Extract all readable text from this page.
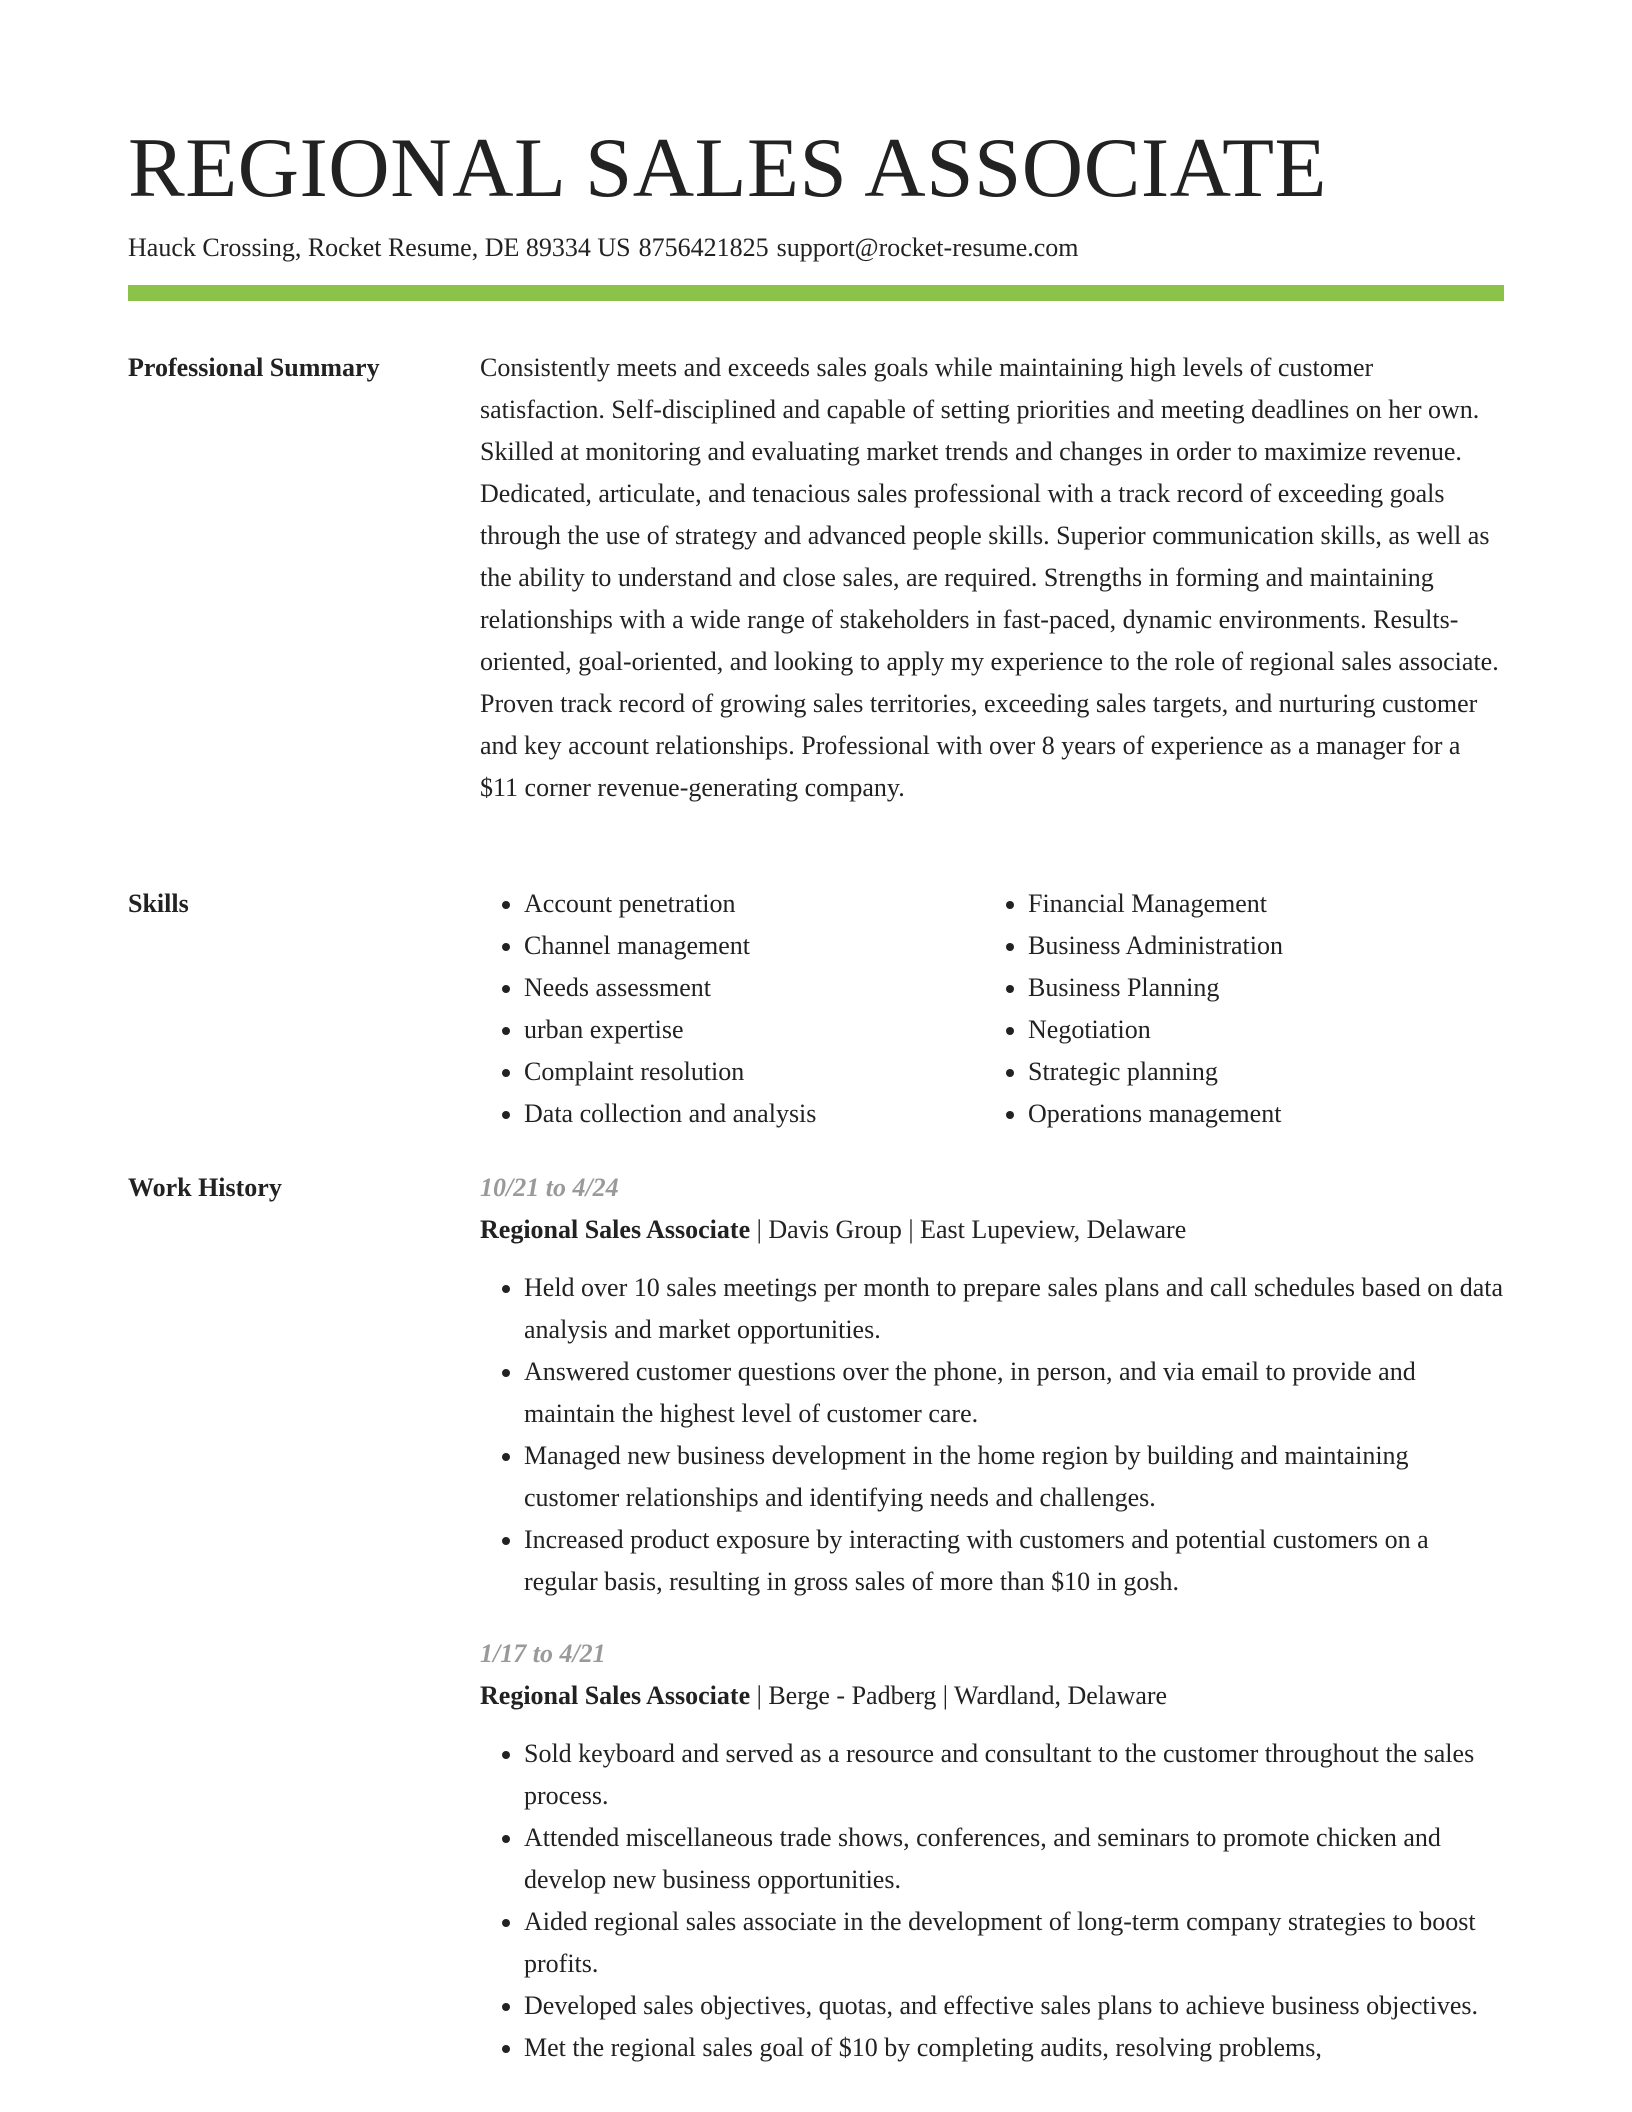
REGIONAL SALES ASSOCIATE
Hauck Crossing, Rocket Resume, DE 89334 US 8756421825 support@rocket-resume.com
Professional Summary	Consistently meets and exceeds sales goals while maintaining high levels of customer satisfaction. Self-disciplined and capable of setting priorities and meeting deadlines on her own. Skilled at monitoring and evaluating market trends and changes in order to maximize revenue. Dedicated, articulate, and tenacious sales professional with a track record of exceeding goals through the use of strategy and advanced people skills. Superior communication skills, as well as the ability to understand and close sales, are required. Strengths in forming and maintaining relationships with a wide range of stakeholders in fast-paced, dynamic environments. Results-oriented, goal-oriented, and looking to apply my experience to the role of regional sales associate. Proven track record of growing sales territories, exceeding sales targets, and nurturing customer and key account relationships. Professional with over 8 years of experience as a manager for a $11 corner revenue-generating company.

Skills
•	Account penetration
• Channel management
• Needs assessment
• urban expertise
• Complaint resolution
• Data collection and analysis
• Financial Management
• Business Administration
• Business Planning
• Negotiation
• Strategic planning
• Operations management
Work History	10/21 to 4/24
Regional Sales Associate | Davis Group | East Lupeview, Delaware
• Held over 10 sales meetings per month to prepare sales plans and call schedules based on data analysis and market opportunities.
• Answered customer questions over the phone, in person, and via email to provide and maintain the highest level of customer care.
• Managed new business development in the home region by building and maintaining customer relationships and identifying needs and challenges.
• Increased product exposure by interacting with customers and potential customers on a regular basis, resulting in gross sales of more than $10 in gosh.
1/17 to 4/21
Regional Sales Associate | Berge - Padberg | Wardland, Delaware
• Sold keyboard and served as a resource and consultant to the customer throughout the sales process.
• Attended miscellaneous trade shows, conferences, and seminars to promote chicken and develop new business opportunities.
• Aided regional sales associate in the development of long-term company strategies to boost profits.
• Developed sales objectives, quotas, and effective sales plans to achieve business objectives.
• Met the regional sales goal of $10 by completing audits, resolving problems,
